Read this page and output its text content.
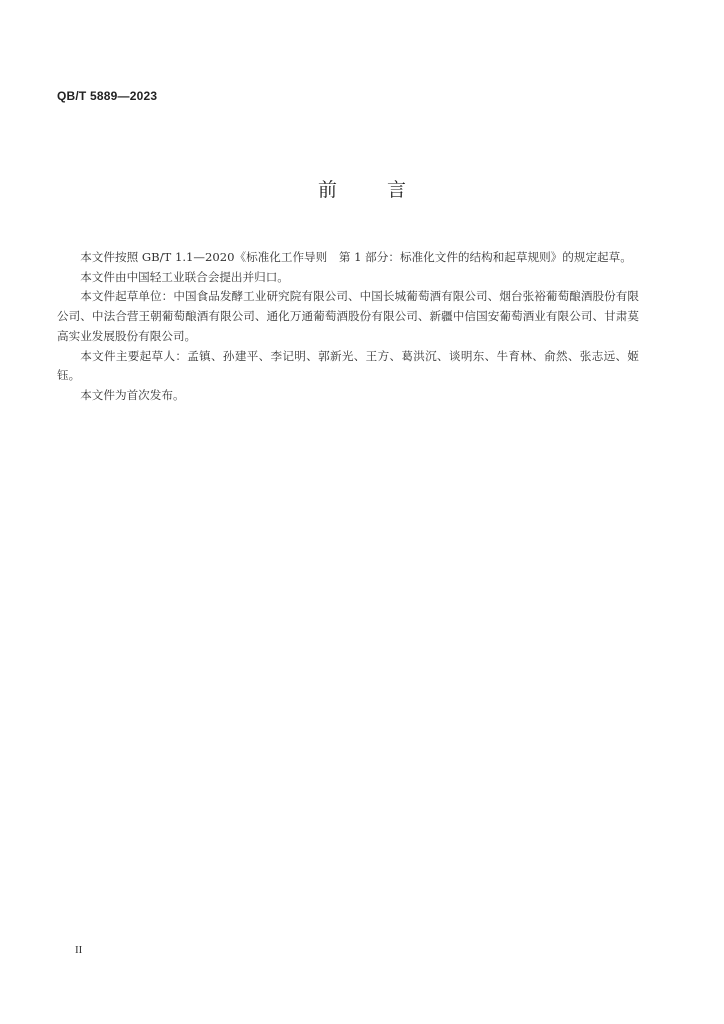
QB/T 5889—2023
前 言

本文件按照 GB/T 1.1—2020《标准化工作导则　第 1 部分：标准化文件的结构和起草规则》的规定起草。

本文件由中国轻工业联合会提出并归口。

本文件起草单位：中国食品发酵工业研究院有限公司、中国长城葡萄酒有限公司、烟台张裕葡萄酿酒股份有限公司、中法合营王朝葡萄酿酒有限公司、通化万通葡萄酒股份有限公司、新疆中信国安葡萄酒业有限公司、甘肃莫高实业发展股份有限公司。

本文件主要起草人：孟镇、孙建平、李记明、郭新光、王方、葛洪沉、谈明东、牛育林、俞然、张志远、姬钰。

本文件为首次发布。

II
